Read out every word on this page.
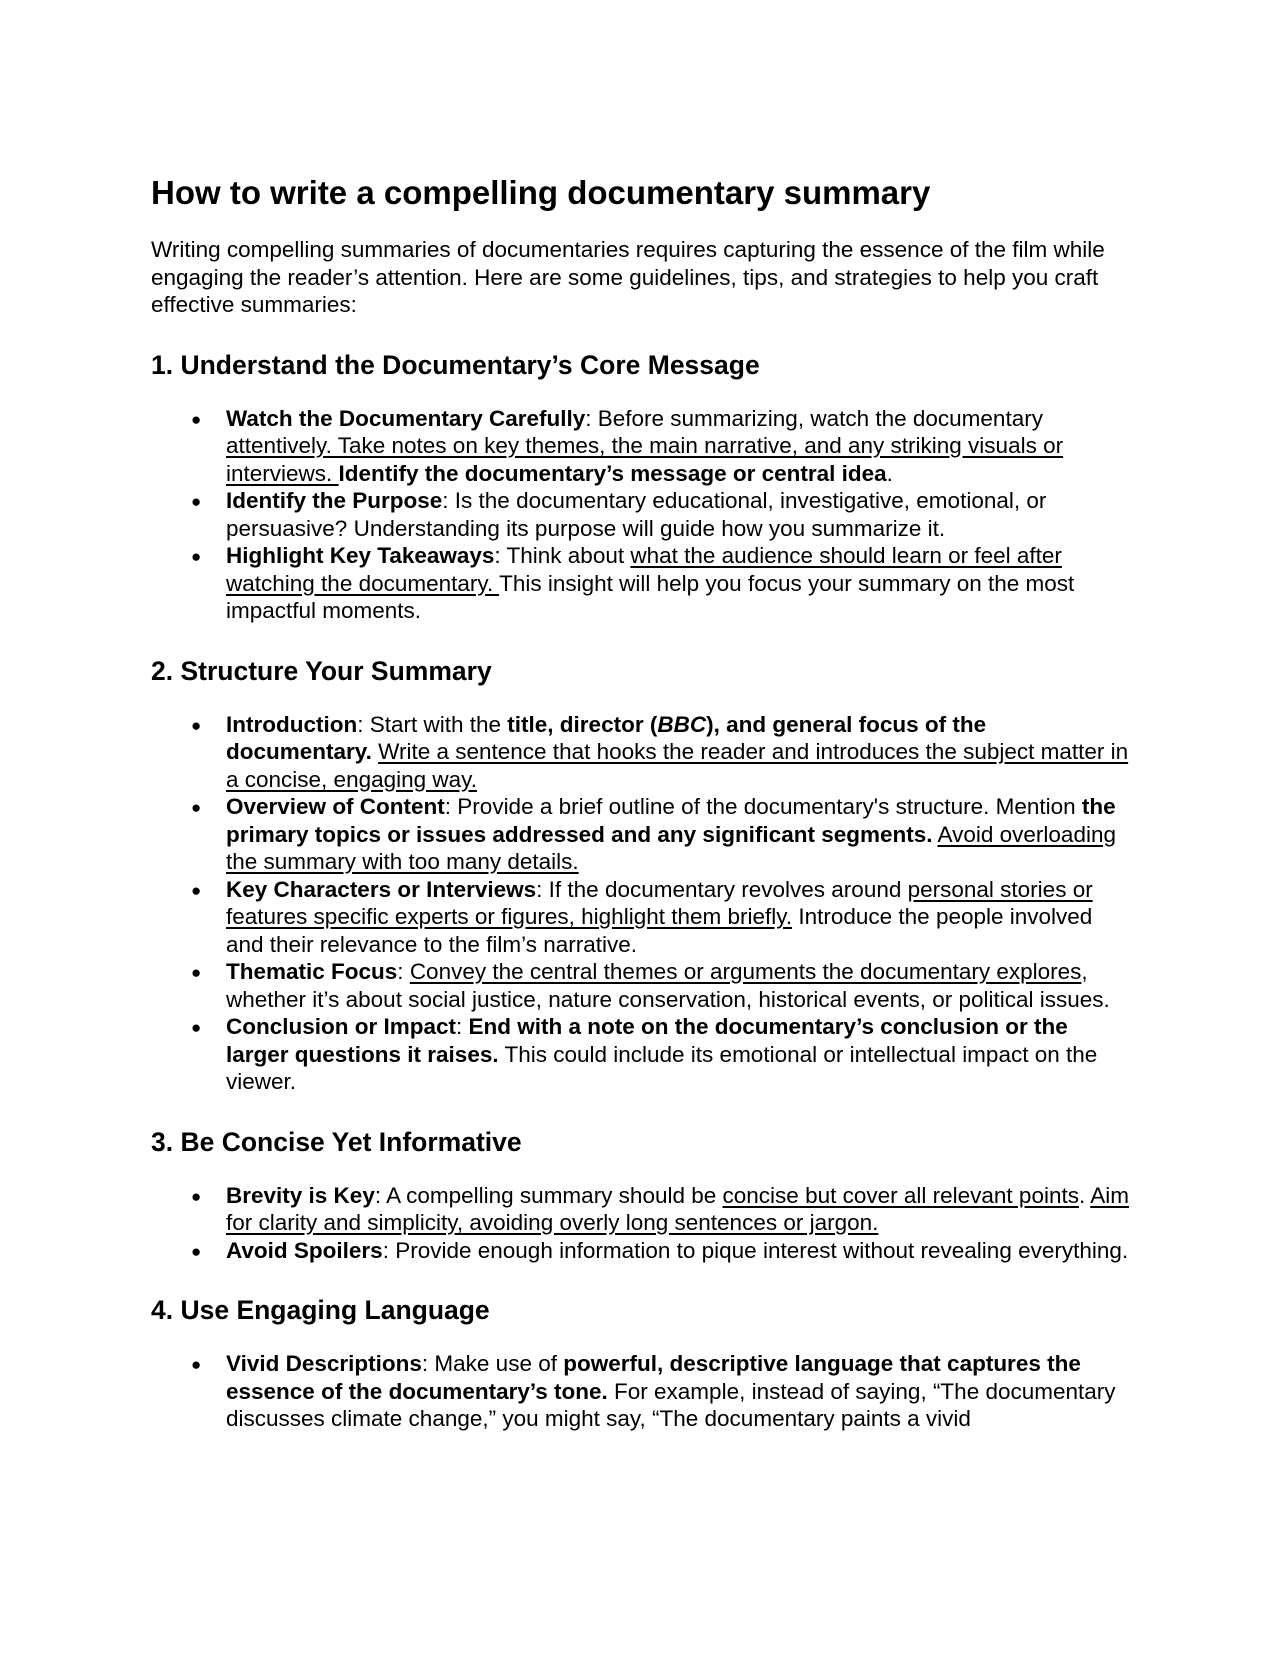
How to write a compelling documentary summary

Writing compelling summaries of documentaries requires capturing the essence of the film while engaging the reader’s attention. Here are some guidelines, tips, and strategies to help you craft effective summaries:

1. Understand the Documentary’s Core Message
● Watch the Documentary Carefully: Before summarizing, watch the documentary attentively. Take notes on key themes, the main narrative, and any striking visuals or interviews. Identify the documentary’s message or central idea.
● Identify the Purpose: Is the documentary educational, investigative, emotional, or persuasive? Understanding its purpose will guide how you summarize it.
● Highlight Key Takeaways: Think about what the audience should learn or feel after watching the documentary. This insight will help you focus your summary on the most impactful moments.
2. Structure Your Summary
● Introduction: Start with the title, director (BBC), and general focus of the documentary. Write a sentence that hooks the reader and introduces the subject matter in a concise, engaging way.
● Overview of Content: Provide a brief outline of the documentary's structure. Mention the primary topics or issues addressed and any significant segments. Avoid overloading the summary with too many details.
● Key Characters or Interviews: If the documentary revolves around personal stories or features specific experts or figures, highlight them briefly. Introduce the people involved and their relevance to the film’s narrative.
● Thematic Focus: Convey the central themes or arguments the documentary explores, whether it’s about social justice, nature conservation, historical events, or political issues.
● Conclusion or Impact: End with a note on the documentary’s conclusion or the larger questions it raises. This could include its emotional or intellectual impact on the viewer.
3. Be Concise Yet Informative
● Brevity is Key: A compelling summary should be concise but cover all relevant points. Aim for clarity and simplicity, avoiding overly long sentences or jargon.
● Avoid Spoilers: Provide enough information to pique interest without revealing everything.
4. Use Engaging Language
● Vivid Descriptions: Make use of powerful, descriptive language that captures the essence of the documentary’s tone. For example, instead of saying, “The documentary discusses climate change,” you might say, “The documentary paints a vivid
